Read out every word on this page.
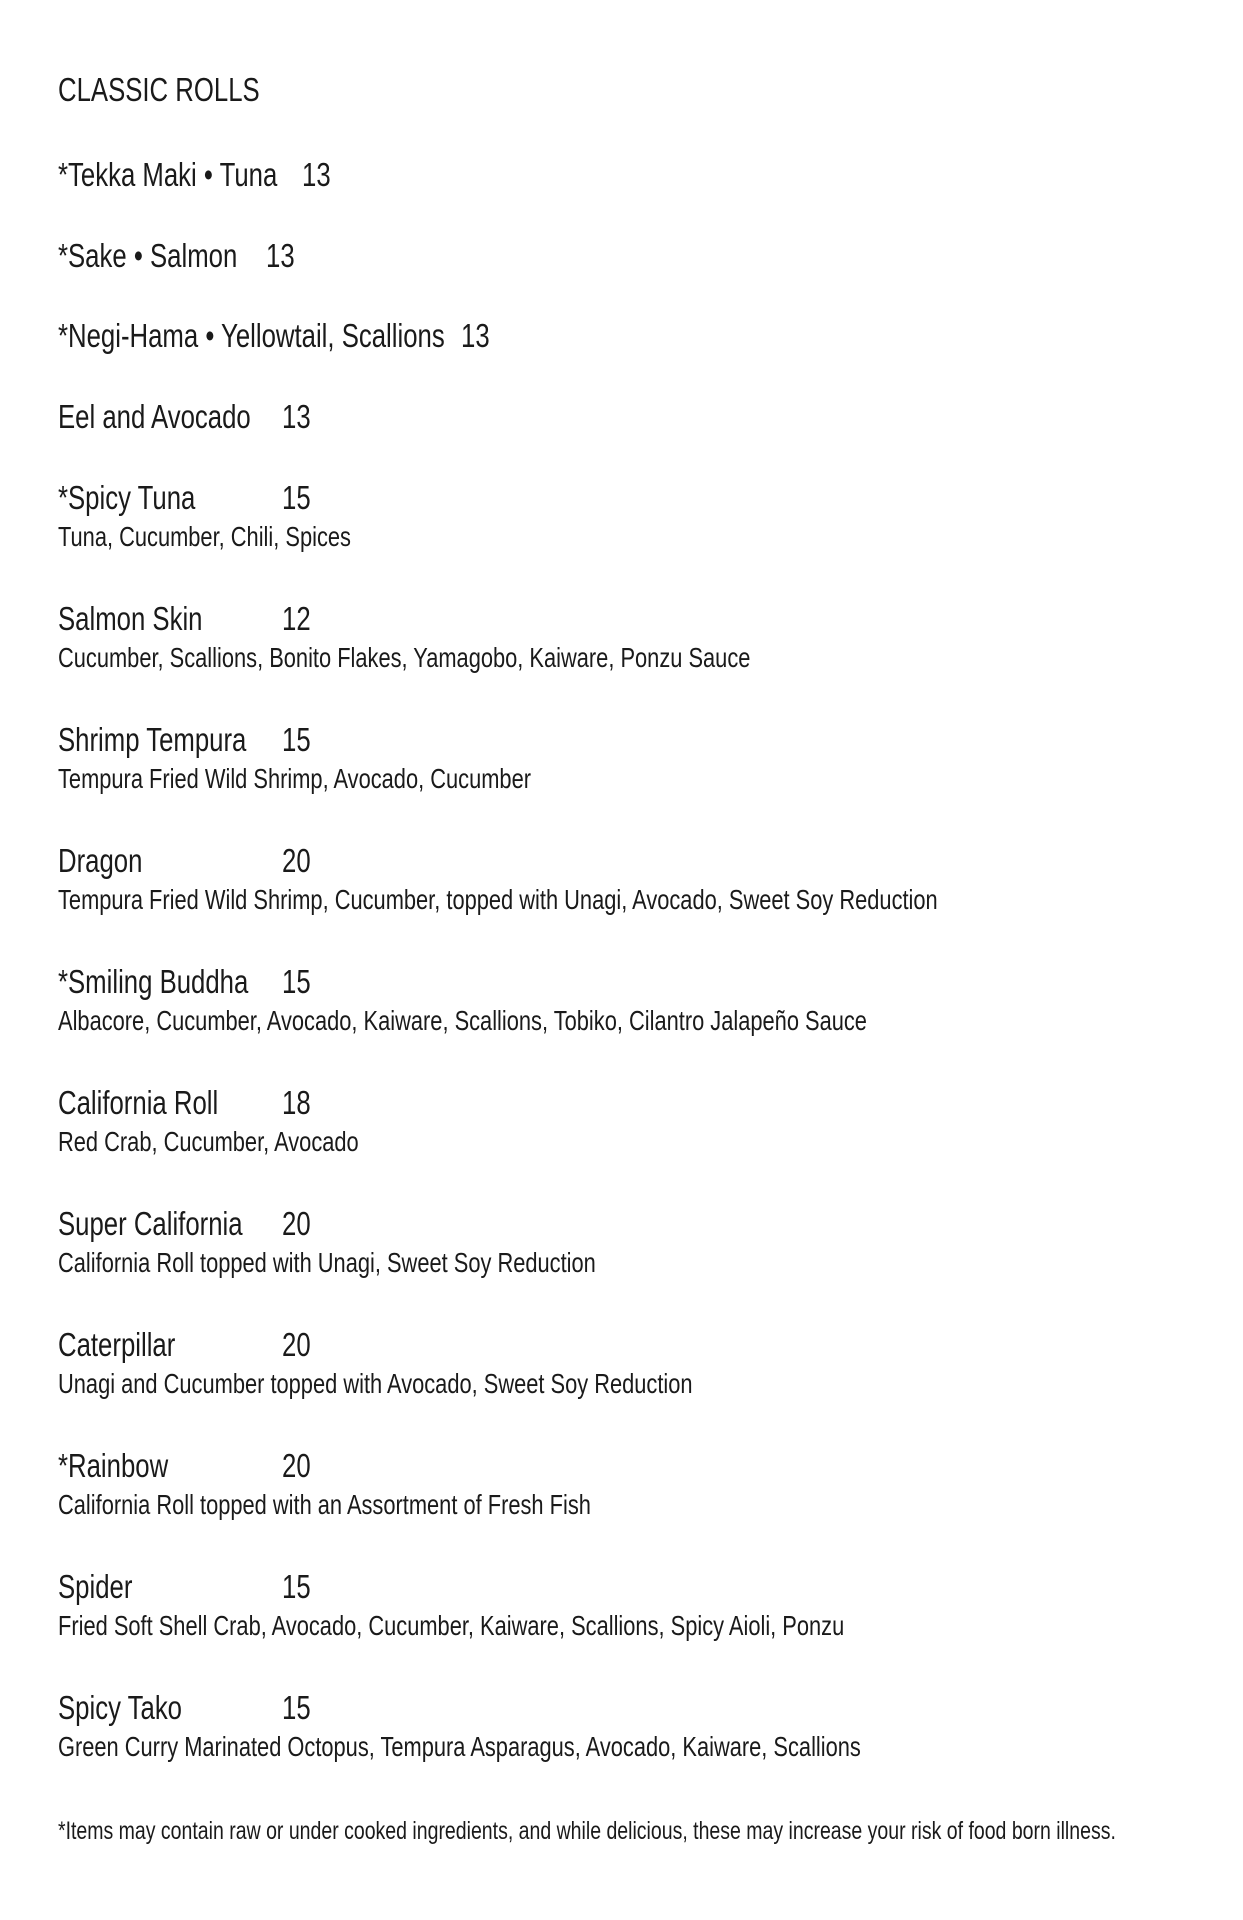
CLASSIC ROLLS
*Tekka Maki • Tuna 13
*Sake • Salmon 13
*Negi-Hama • Yellowtail, Scallions 13
Eel and Avocado 13
*Spicy Tuna	15
Tuna, Cucumber, Chili, Spices
Salmon Skin 12
Cucumber, Scallions, Bonito Flakes, Yamagobo, Kaiware, Ponzu Sauce
Shrimp Tempura 15
Tempura Fried Wild Shrimp, Avocado, Cucumber
Dragon	20
Tempura Fried Wild Shrimp, Cucumber, topped with Unagi, Avocado, Sweet Soy Reduction
*Smiling Buddha 15
Albacore, Cucumber, Avocado, Kaiware, Scallions, Tobiko, Cilantro Jalapeño Sauce
California Roll 18
Red Crab, Cucumber, Avocado
Super California 20
California Roll topped with Unagi, Sweet Soy Reduction
Caterpillar	20
Unagi and Cucumber topped with Avocado, Sweet Soy Reduction
*Rainbow	20
California Roll topped with an Assortment of Fresh Fish
Spider	15
Fried Soft Shell Crab, Avocado, Cucumber, Kaiware, Scallions, Spicy Aioli, Ponzu
Spicy Tako	15
Green Curry Marinated Octopus, Tempura Asparagus, Avocado, Kaiware, Scallions
*Items may contain raw or under cooked ingredients, and while delicious, these may increase your risk of food born illness.
